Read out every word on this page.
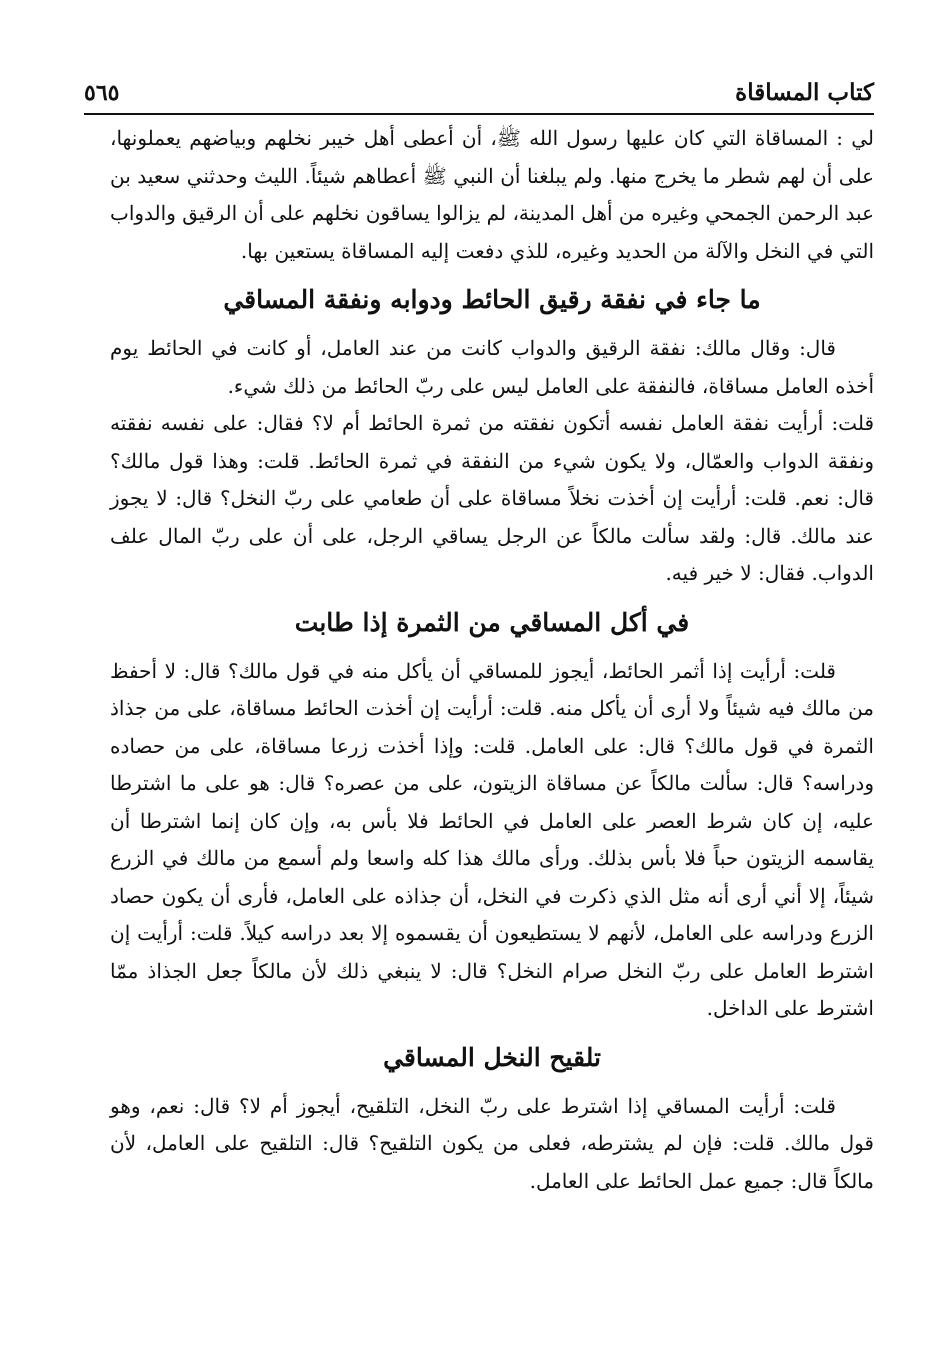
كتاب المساقاة
٥٦٥

لي : المساقاة التي كان عليها رسول الله ﷺ، أن أعطى أهل خيبر نخلهم وبياضهم يعملونها، على أن لهم شطر ما يخرج منها. ولم يبلغنا أن النبي ﷺ أعطاهم شيئاً. الليث وحدثني سعيد بن عبد الرحمن الجمحي وغيره من أهل المدينة، لم يزالوا يساقون نخلهم على أن الرقيق والدواب التي في النخل والآلة من الحديد وغيره، للذي دفعت إليه المساقاة يستعين بها.

ما جاء في نفقة رقيق الحائط ودوابه ونفقة المساقي

قال: وقال مالك: نفقة الرقيق والدواب كانت من عند العامل، أو كانت في الحائط يوم أخذه العامل مساقاة، فالنفقة على العامل ليس على ربّ الحائط من ذلك شيء.

قلت: أرأيت نفقة العامل نفسه أتكون نفقته من ثمرة الحائط أم لا؟ فقال: على نفسه نفقته ونفقة الدواب والعمّال، ولا يكون شيء من النفقة في ثمرة الحائط. قلت: وهذا قول مالك؟ قال: نعم. قلت: أرأيت إن أخذت نخلاً مساقاة على أن طعامي على ربّ النخل؟ قال: لا يجوز عند مالك. قال: ولقد سألت مالكاً عن الرجل يساقي الرجل، على أن على ربّ المال علف الدواب. فقال: لا خير فيه.

في أكل المساقي من الثمرة إذا طابت

قلت: أرأيت إذا أثمر الحائط، أيجوز للمساقي أن يأكل منه في قول مالك؟ قال: لا أحفظ من مالك فيه شيئاً ولا أرى أن يأكل منه. قلت: أرأيت إن أخذت الحائط مساقاة، على من جذاذ الثمرة في قول مالك؟ قال: على العامل. قلت: وإذا أخذت زرعا مساقاة، على من حصاده ودراسه؟ قال: سألت مالكاً عن مساقاة الزيتون، على من عصره؟ قال: هو على ما اشترطا عليه، إن كان شرط العصر على العامل في الحائط فلا بأس به، وإن كان إنما اشترطا أن يقاسمه الزيتون حباً فلا بأس بذلك. ورأى مالك هذا كله واسعا ولم أسمع من مالك في الزرع شيئاً، إلا أني أرى أنه مثل الذي ذكرت في النخل، أن جذاذه على العامل، فأرى أن يكون حصاد الزرع ودراسه على العامل، لأنهم لا يستطيعون أن يقسموه إلا بعد دراسه كيلاً. قلت: أرأيت إن اشترط العامل على ربّ النخل صرام النخل؟ قال: لا ينبغي ذلك لأن مالكاً جعل الجذاذ ممّا اشترط على الداخل.

تلقيح النخل المساقي

قلت: أرأيت المساقي إذا اشترط على ربّ النخل، التلقيح، أيجوز أم لا؟ قال: نعم، وهو قول مالك. قلت: فإن لم يشترطه، فعلى من يكون التلقيح؟ قال: التلقيح على العامل، لأن مالكاً قال: جميع عمل الحائط على العامل.
